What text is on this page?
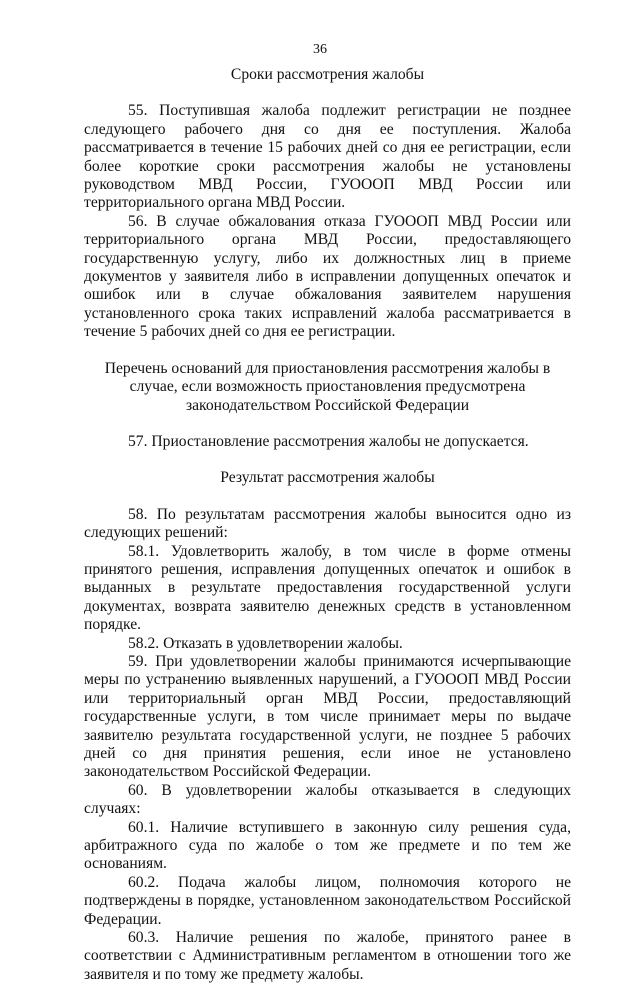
36

Сроки рассмотрения жалобы

55. Поступившая жалоба подлежит регистрации не позднее следующего рабочего дня со дня ее поступления. Жалоба рассматривается в течение 15 рабочих дней со дня ее регистрации, если более короткие сроки рассмотрения жалобы не установлены руководством МВД России, ГУОООП МВД России или территориального органа МВД России.

56. В случае обжалования отказа ГУОООП МВД России или территориального органа МВД России, предоставляющего государственную услугу, либо их должностных лиц в приеме документов у заявителя либо в исправлении допущенных опечаток и ошибок или в случае обжалования заявителем нарушения установленного срока таких исправлений жалоба рассматривается в течение 5 рабочих дней со дня ее регистрации.

Перечень оснований для приостановления рассмотрения жалобы в случае, если возможность приостановления предусмотрена законодательством Российской Федерации

57. Приостановление рассмотрения жалобы не допускается.

Результат рассмотрения жалобы

58. По результатам рассмотрения жалобы выносится одно из следующих решений:

58.1. Удовлетворить жалобу, в том числе в форме отмены принятого решения, исправления допущенных опечаток и ошибок в выданных в результате предоставления государственной услуги документах, возврата заявителю денежных средств в установленном порядке.

58.2. Отказать в удовлетворении жалобы.

59. При удовлетворении жалобы принимаются исчерпывающие меры по устранению выявленных нарушений, а ГУОООП МВД России или территориальный орган МВД России, предоставляющий государственные услуги, в том числе принимает меры по выдаче заявителю результата государственной услуги, не позднее 5 рабочих дней со дня принятия решения, если иное не установлено законодательством Российской Федерации.

60. В удовлетворении жалобы отказывается в следующих случаях:

60.1. Наличие вступившего в законную силу решения суда, арбитражного суда по жалобе о том же предмете и по тем же основаниям.

60.2. Подача жалобы лицом, полномочия которого не подтверждены в порядке, установленном законодательством Российской Федерации.

60.3. Наличие решения по жалобе, принятого ранее в соответствии с Административным регламентом в отношении того же заявителя и по тому же предмету жалобы.
